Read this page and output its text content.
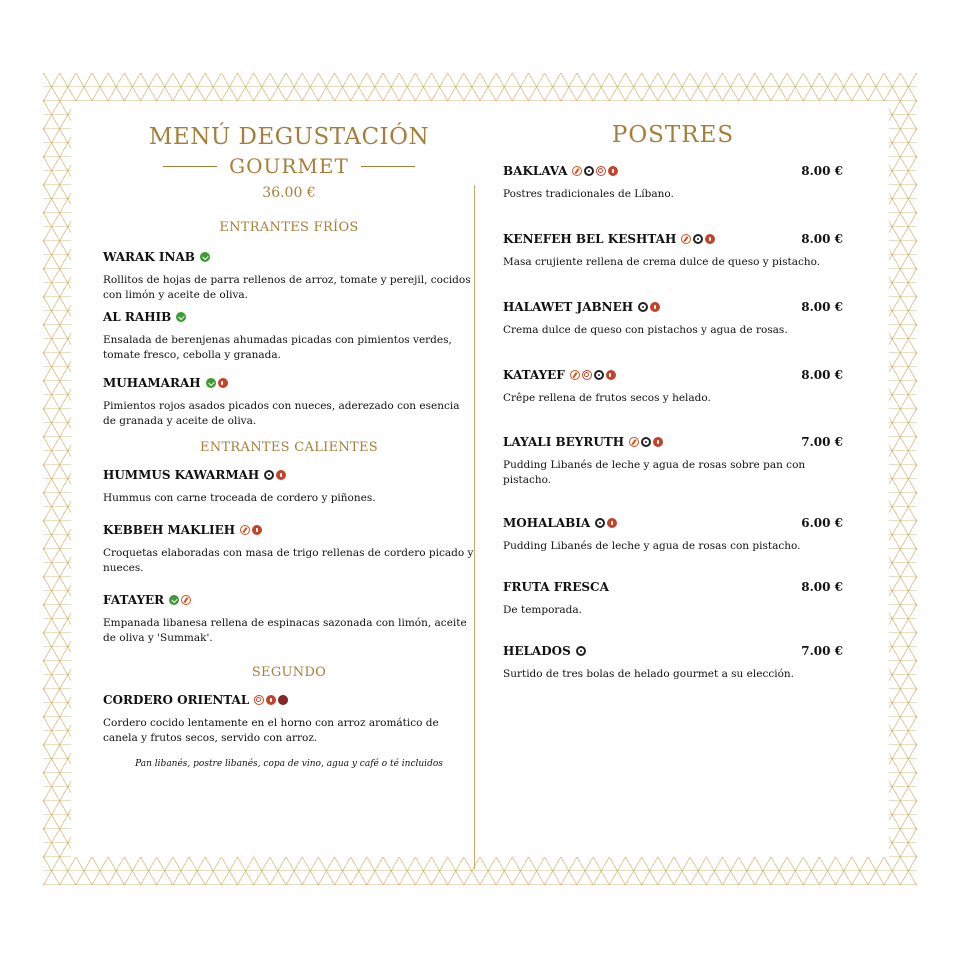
MENÚ DEGUSTACIÓN
GOURMET
36.00 €
ENTRANTES FRÍOS
WARAK INAB
Rollitos de hojas de parra rellenos de arroz, tomate y perejil, cocidos con limón y aceite de oliva.
AL RAHIB
Ensalada de berenjenas ahumadas picadas con pimientos verdes, tomate fresco, cebolla y granada.
MUHAMARAH
Pimientos rojos asados picados con nueces, aderezado con esencia de granada y aceite de oliva.
ENTRANTES CALIENTES
HUMMUS KAWARMAH
Hummus con carne troceada de cordero y piñones.
KEBBEH MAKLIEH
Croquetas elaboradas con masa de trigo rellenas de cordero picado y nueces.
FATAYER
Empanada libanesa rellena de espinacas sazonada con limón, aceite de oliva y 'Summak'.
SEGUNDO
CORDERO ORIENTAL
Cordero cocido lentamente en el horno con arroz aromático de canela y frutos secos, servido con arroz.
Pan libanés, postre libanés, copa de vino, agua y café o té incluidos
POSTRES
BAKLAVA	8.00 €
Postres tradicionales de Líbano.
KENEFEH BEL KESHTAH	8.00 €
Masa crujiente rellena de crema dulce de queso y pistacho.
HALAWET JABNEH	8.00 €
Crema dulce de queso con pistachos y agua de rosas.
KATAYEF	8.00 €
Crêpe rellena de frutos secos y helado.
LAYALI BEYRUTH	7.00 €
Pudding Libanés de leche y agua de rosas sobre pan con pistacho.
MOHALABIA	6.00 €
Pudding Libanés de leche y agua de rosas con pistacho.
FRUTA FRESCA	8.00 €
De temporada.
HELADOS	7.00 €
Surtido de tres bolas de helado gourmet a su elección.
